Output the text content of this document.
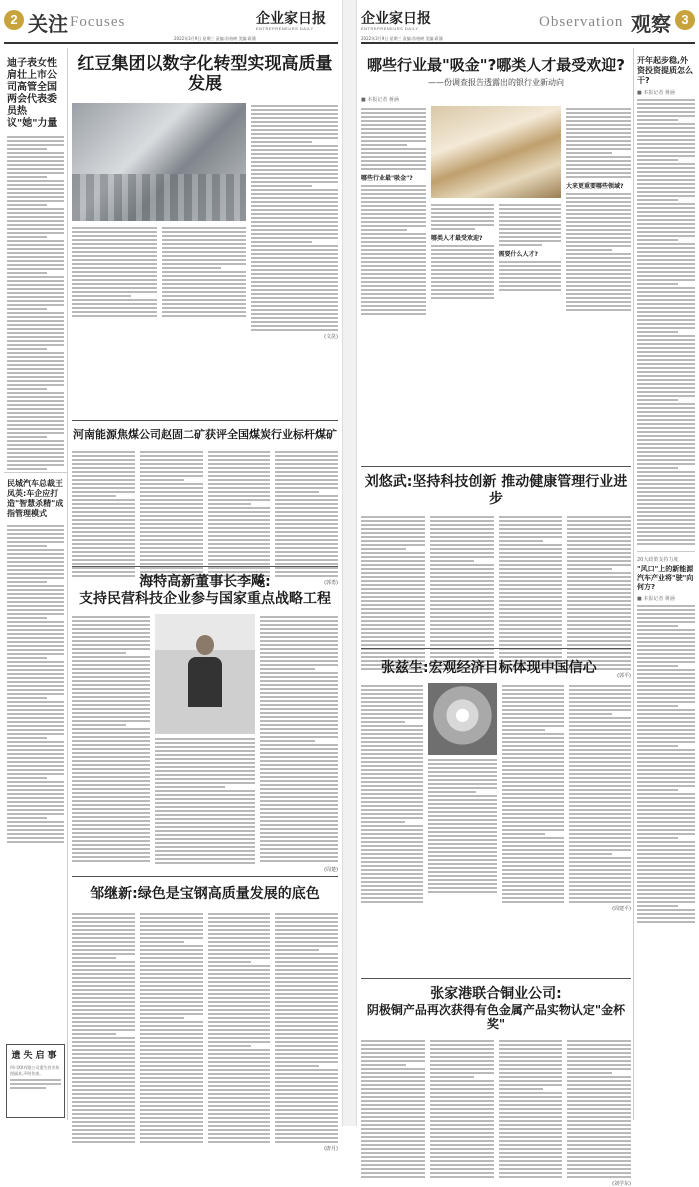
2 关注 Focuses	企业家日报
ENTREPRENEURS DAILY
2022年3月9日 星期三 责编:苏柏树 美编:蒋涵
迪子表女性肩壮上市公司高管全国两会代表委员热议"她"力量
民城汽车总裁王凤英:车企应打造"智慧杀精"成指管理模式
遗失启事
四川XX有限公司遗失营业执照副本,声明作废。
红豆集团以数字化转型实现高质量发展
(文昆)
河南能源焦煤公司赵固二矿获评全国煤炭行业标杆煤矿
(郭勇)
海特高新董事长李飚:
支持民营科技企业参与国家重点战略工程
(周楚)
邹继新:绿色是宝钢高质量发展的底色
(唐月)
企业家日报
ENTREPRENEURS DAILY
2022年3月9日 星期三 责编:苏柏树 美编:蒋涵
Observation 观察 3
哪些行业最"吸金"?哪类人才最受欢迎?
——份调查报告透露出的银行业新动向
■ 本报记者 蒋涵
哪些行业最"吸金"?
哪类人才最受欢迎?
需要什么人才?
大来更重要哪些领域?
刘悠武:坚持科技创新 推动健康管理行业进步
(郭平)
张兹生:宏观经济目标体现中国信心
(周建平)
张家港联合铜业公司:
阴极铜产品再次获得有色金属产品实物认定"金杯奖"
(刘学东)
开年起步稳,外资投资提质怎么干?
■ 本报记者 蒋涵
20大政策支持力度
"风口"上的新能源汽车产业将"驶"向何方?
■ 本报记者 蒋涵
